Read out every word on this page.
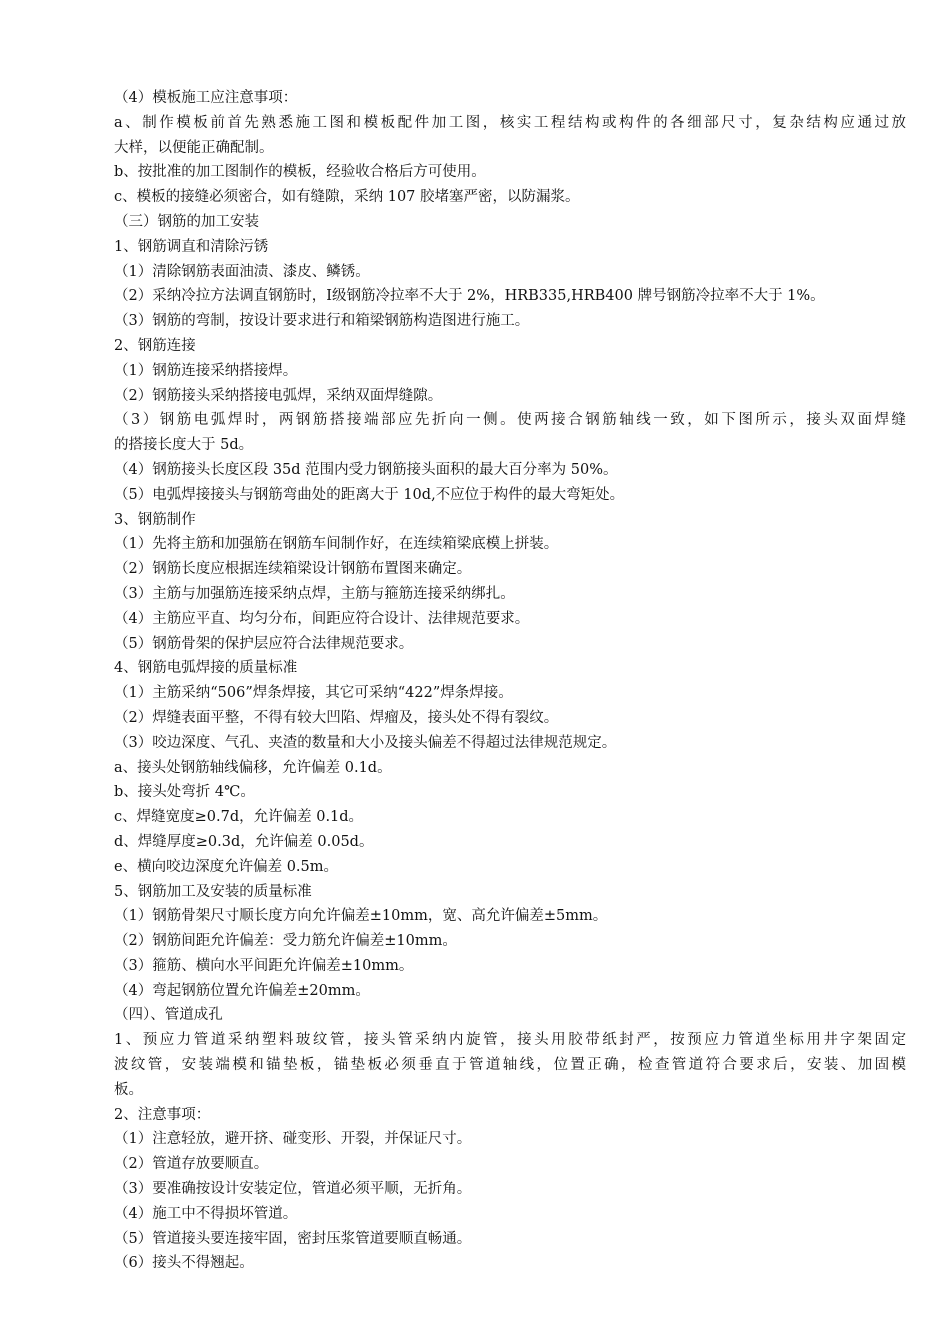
（4）模板施工应注意事项：
a、制作模板前首先熟悉施工图和模板配件加工图，核实工程结构或构件的各细部尺寸，复杂结构应通过放
大样，以便能正确配制。
b、按批准的加工图制作的模板，经验收合格后方可使用。
c、模板的接缝必须密合，如有缝隙，采纳 107 胶堵塞严密，以防漏浆。
（三）钢筋的加工安装
1、钢筋调直和清除污锈
（1）清除钢筋表面油渍、漆皮、鳞锈。
（2）采纳冷拉方法调直钢筋时，Ⅰ级钢筋冷拉率不大于 2%，HRB335,HRB400 牌号钢筋冷拉率不大于 1%。
（3）钢筋的弯制，按设计要求进行和箱梁钢筋构造图进行施工。
2、钢筋连接
（1）钢筋连接采纳搭接焊。
（2）钢筋接头采纳搭接电弧焊，采纳双面焊缝隙。
（3）钢筋电弧焊时，两钢筋搭接端部应先折向一侧。使两接合钢筋轴线一致，如下图所示，接头双面焊缝
的搭接长度大于 5d。
（4）钢筋接头长度区段 35d 范围内受力钢筋接头面积的最大百分率为 50%。
（5）电弧焊接接头与钢筋弯曲处的距离大于 10d,不应位于构件的最大弯矩处。
3、钢筋制作
（1）先将主筋和加强筋在钢筋车间制作好，在连续箱梁底模上拼装。
（2）钢筋长度应根据连续箱梁设计钢筋布置图来确定。
（3）主筋与加强筋连接采纳点焊，主筋与箍筋连接采纳绑扎。
（4）主筋应平直、均匀分布，间距应符合设计、法律规范要求。
（5）钢筋骨架的保护层应符合法律规范要求。
4、钢筋电弧焊接的质量标准
（1）主筋采纳“506”焊条焊接，其它可采纳“422”焊条焊接。
（2）焊缝表面平整，不得有较大凹陷、焊瘤及，接头处不得有裂纹。
（3）咬边深度、气孔、夹渣的数量和大小及接头偏差不得超过法律规范规定。
a、接头处钢筋轴线偏移，允许偏差 0.1d。
b、接头处弯折 4℃。
c、焊缝宽度≥0.7d，允许偏差 0.1d。
d、焊缝厚度≥0.3d，允许偏差 0.05d。
e、横向咬边深度允许偏差 0.5m。
5、钢筋加工及安装的质量标准
（1）钢筋骨架尺寸顺长度方向允许偏差±10mm，宽、高允许偏差±5mm。
（2）钢筋间距允许偏差：受力筋允许偏差±10mm。
（3）箍筋、横向水平间距允许偏差±10mm。
（4）弯起钢筋位置允许偏差±20mm。
（四）、管道成孔
1、预应力管道采纳塑料玻纹管，接头管采纳内旋管，接头用胶带纸封严，按预应力管道坐标用井字架固定
波纹管，安装端模和锚垫板，锚垫板必须垂直于管道轴线，位置正确，检查管道符合要求后，安装、加固模
板。
2、注意事项：
（1）注意轻放，避开挤、碰变形、开裂，并保证尺寸。
（2）管道存放要顺直。
（3）要准确按设计安装定位，管道必须平顺，无折角。
（4）施工中不得损坏管道。
（5）管道接头要连接牢固，密封压浆管道要顺直畅通。
（6）接头不得翘起。
